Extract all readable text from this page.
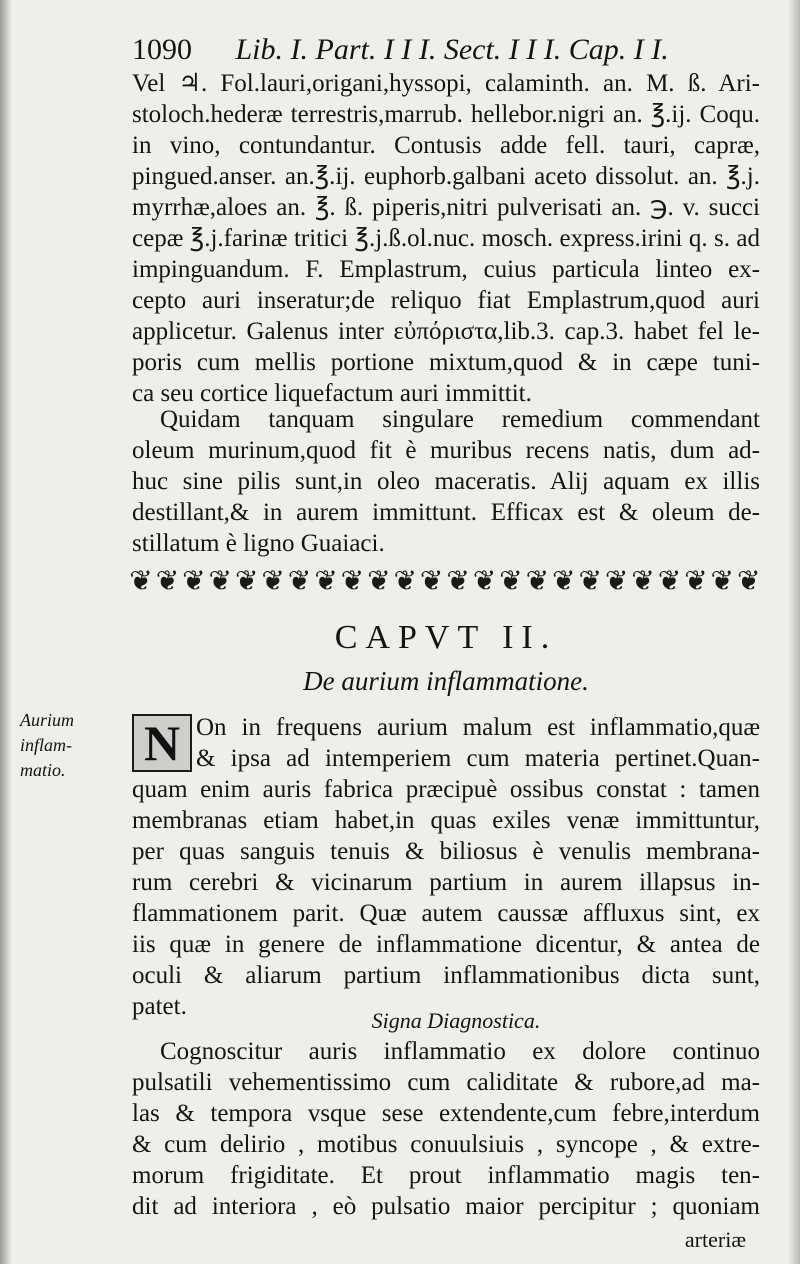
1090 Lib. I. Part. I I I. Sect. I I I. Cap. I I.
Vel ♃. Fol.lauri,origani,hyssopi, calaminth. an. M. ß. Ari-
stoloch.hederæ terrestris,marrub. hellebor.nigri an. ℥.ij. Coqu.
in vino, contundantur. Contusis adde fell. tauri, capræ,
pingued.anser. an.℥.ij. euphorb.galbani aceto dissolut. an. ℥.j.
myrrhæ,aloes an. ℥. ß. piperis,nitri pulverisati an. ℈. v. succi
cepæ ℥.j.farinæ tritici ℥.j.ß.ol.nuc. mosch. express.irini q. s. ad
impinguandum. F. Emplastrum, cuius particula linteo ex-
cepto auri inseratur;de reliquo fiat Emplastrum,quod auri
applicetur. Galenus inter εὐπόριστα,lib.3. cap.3. habet fel le-
poris cum mellis portione mixtum,quod & in cæpe tuni-
ca seu cortice liquefactum auri immittit.
Quidam tanquam singulare remedium commendant
oleum murinum,quod fit è muribus recens natis, dum ad-
huc sine pilis sunt,in oleo maceratis. Alij aquam ex illis
destillant,& in aurem immittunt. Efficax est & oleum de-
stillatum è ligno Guaiaci.
❦ ❦ ❦ ❦ ❦ ❦ ❦ ❦ ❦ ❦ ❦ ❦ ❦ ❦ ❦ ❦ ❦ ❦ ❦ ❦ ❦ ❦ ❦ ❦
CAPVT II.
De aurium inflammatione.
Aurium
inflam-
matio.	N On in frequens aurium malum est inflammatio,quæ
& ipsa ad intemperiem cum materia pertinet.Quan-
quam enim auris fabrica præcipuè ossibus constat : tamen
membranas etiam habet,in quas exiles venæ immittuntur,
per quas sanguis tenuis & biliosus è venulis membrana-
rum cerebri & vicinarum partium in aurem illapsus in-
flammationem parit. Quæ autem caussæ affluxus sint, ex
iis quæ in genere de inflammatione dicentur, & antea de
oculi & aliarum partium inflammationibus dicta sunt,
patet.
Signa Diagnostica.
Cognoscitur auris inflammatio ex dolore continuo
pulsatili vehementissimo cum caliditate & rubore,ad ma-
las & tempora vsque sese extendente,cum febre,interdum
& cum delirio , motibus conuulsiuis , syncope , & extre-
morum frigiditate. Et prout inflammatio magis ten-
dit ad interiora , eò pulsatio maior percipitur ; quoniam
arteriæ
